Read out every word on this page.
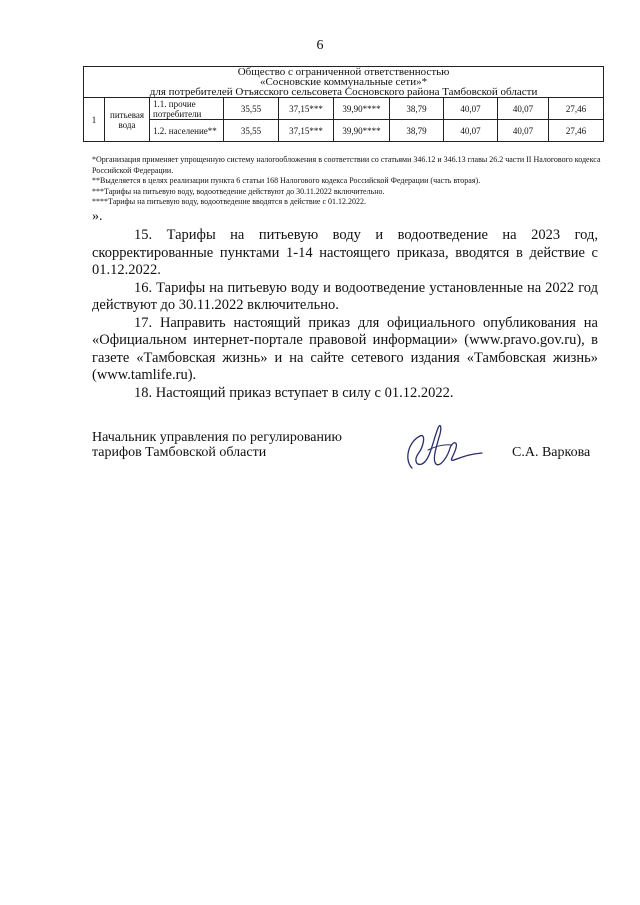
6
Общество с ограниченной ответственностью
«Сосновские коммунальные сети»*
для потребителей Отъясского сельсовета Сосновского района Тамбовской области									

1	питьевая вода	1.1. прочие потребители	35,55	37,15***	39,90****	38,79	40,07	40,07	27,46
		1.2. население**	35,55	37,15***	39,90****	38,79	40,07	40,07	27,46

*Организация применяет упрощенную систему налогообложения в соответствии со статьями 346.12 и 346.13 главы 26.2 части II Налогового кодекса Российской Федерации.

**Выделяется в целях реализации пункта 6 статьи 168 Налогового кодекса Российской Федерации (часть вторая).

***Тарифы на питьевую воду, водоотведение действуют до 30.11.2022 включительно.

****Тарифы на питьевую воду, водоотведение вводятся в действие с 01.12.2022.

».

15. Тарифы на питьевую воду и водоотведение на 2023 год, скорректированные пунктами 1-14 настоящего приказа, вводятся в действие с 01.12.2022.

16. Тарифы на питьевую воду и водоотведение установленные на 2022 год действуют до 30.11.2022 включительно.

17. Направить настоящий приказ для официального опубликования на «Официальном интернет-портале правовой информации» (www.pravo.gov.ru), в газете «Тамбовская жизнь» и на сайте сетевого издания «Тамбовская жизнь» (www.tamlife.ru).

18. Настоящий приказ вступает в силу с 01.12.2022.

Начальник управления по регулированию
тарифов Тамбовской области	С.А. Варкова
